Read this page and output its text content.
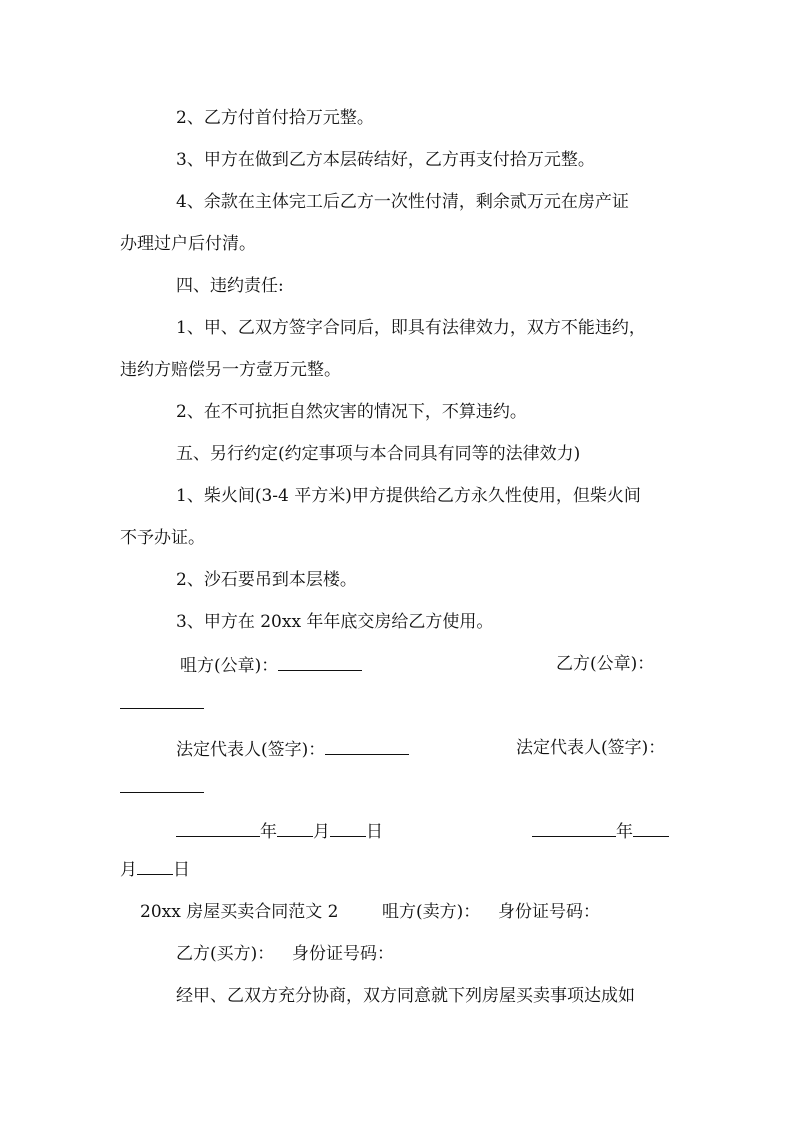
2、乙方付首付拾万元整。
3、甲方在做到乙方本层砖结好，乙方再支付拾万元整。
4、余款在主体完工后乙方一次性付清，剩余贰万元在房产证
办理过户后付清。
四、违约责任:
1、甲、乙双方签字合同后，即具有法律效力，双方不能违约，
违约方赔偿另一方壹万元整。
2、在不可抗拒自然灾害的情况下，不算违约。
五、另行约定(约定事项与本合同具有同等的法律效力)
1、柴火间(3-4 平方米)甲方提供给乙方永久性使用，但柴火间
不予办证。
2、沙石要吊到本层楼。
3、甲方在 20xx 年年底交房给乙方使用。
咀方(公章)：	乙方(公章)：
法定代表人(签字)：	法定代表人(签字)：
年 月 日	年
月 日
20xx 房屋买卖合同范文 2	咀方(卖方)： 身份证号码：
乙方(买方)： 身份证号码：
经甲、乙双方充分协商，双方同意就下列房屋买卖事项达成如
